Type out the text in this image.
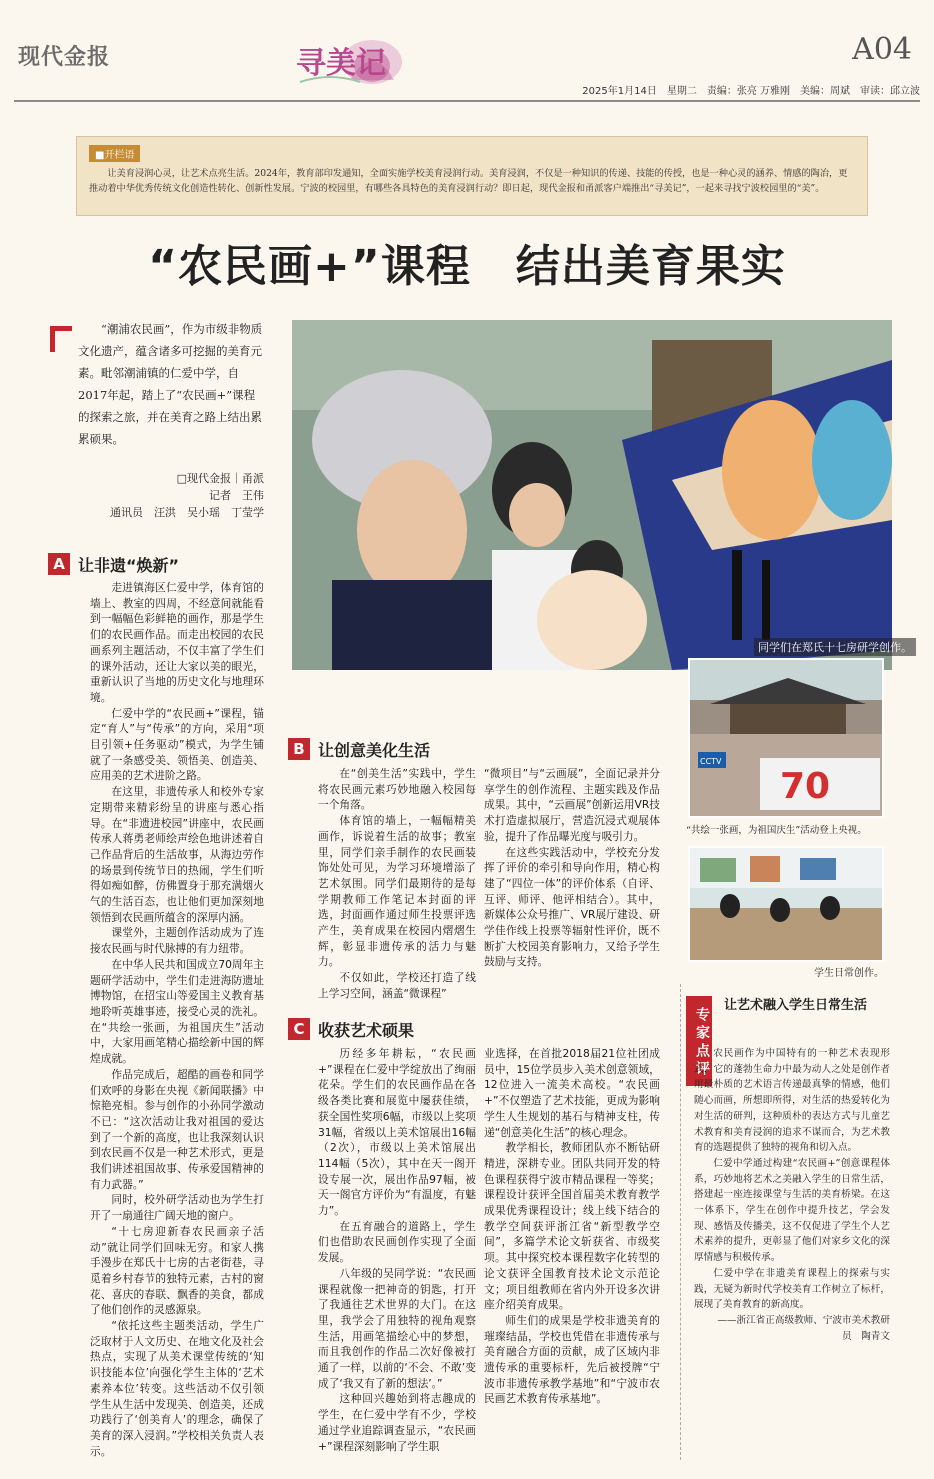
现代金报	寻美记	A04
2025年1月14日　星期二　责编：张亮 万雅刚　美编：周斌　审读：邱立波
■开栏语
让美育浸润心灵，让艺术点亮生活。2024年，教育部印发通知，全面实施学校美育浸润行动。美育浸润，不仅是一种知识的传递、技能的传授，也是一种心灵的涵养、情感的陶冶，更推动着中华优秀传统文化创造性转化、创新性发展。宁波的校园里，有哪些各具特色的美育浸润行动？即日起，现代金报和甬派客户端推出“寻美记”，一起来寻找宁波校园里的“美”。
“农民画+”课程　结出美育果实
“潮浦农民画”，作为市级非物质文化遗产，蕴含诸多可挖掘的美育元素。毗邻潮浦镇的仁爱中学，自2017年起，踏上了“农民画+”课程的探索之旅，并在美育之路上结出累累硕果。
□现代金报｜甬派
记者　王伟
通讯员　汪洪　吴小瑶　丁莹学
同学们在郑氏十七房研学创作。
70
CCTV
“共绘一张画，为祖国庆生”活动登上央视。
学生日常创作。
A 让非遗“焕新”

走进镇海区仁爱中学，体育馆的墙上、教室的四周，不经意间就能看到一幅幅色彩鲜艳的画作，那是学生们的农民画作品。而走出校园的农民画系列主题活动，不仅丰富了学生们的课外活动，还让大家以美的眼光，重新认识了当地的历史文化与地理环境。

仁爱中学的“农民画+”课程，锚定“育人”与“传承”的方向，采用“项目引领+任务驱动”模式，为学生铺就了一条感受美、领悟美、创造美、应用美的艺术进阶之路。

在这里，非遗传承人和校外专家定期带来精彩纷呈的讲座与悉心指导。在“非遗进校园”讲座中，农民画传承人蒋勇老师绘声绘色地讲述着自己作品背后的生活故事，从海边劳作的场景到传统节日的热闹，学生们听得如痴如醉，仿佛置身于那充满烟火气的生活百态，也让他们更加深刻地领悟到农民画所蕴含的深厚内涵。

课堂外，主题创作活动成为了连接农民画与时代脉搏的有力纽带。

在中华人民共和国成立70周年主题研学活动中，学生们走进海防遗址博物馆，在招宝山等爱国主义教育基地聆听英雄事迹，接受心灵的洗礼。在“共绘一张画，为祖国庆生”活动中，大家用画笔精心描绘新中国的辉煌成就。

作品完成后，超酷的画卷和同学们欢呼的身影在央视《新闻联播》中惊艳亮相。参与创作的小孙同学激动不已：“这次活动让我对祖国的爱达到了一个新的高度，也让我深刻认识到农民画不仅是一种艺术形式，更是我们讲述祖国故事、传承爱国精神的有力武器。”

同时，校外研学活动也为学生打开了一扇通往广阔天地的窗户。

“十七房迎新春农民画亲子活动”就让同学们回味无穷。和家人携手漫步在郑氏十七房的古老街巷，寻觅着乡村春节的独特元素，古村的窗花、喜庆的春联、飘香的美食，都成了他们创作的灵感源泉。

“依托这些主题类活动，学生广泛取材于人文历史、在地文化及社会热点，实现了从美术课堂传统的‘知识技能本位’向强化学生主体的‘艺术素养本位’转变。这些活动不仅引领学生从生活中发现美、创造美，还成功践行了‘创美育人’的理念，确保了美育的深入浸润。”学校相关负责人表示。

B 让创意美化生活

在“创美生活”实践中，学生将农民画元素巧妙地融入校园每一个角落。

体育馆的墙上，一幅幅精美画作，诉说着生活的故事；教室里，同学们亲手制作的农民画装饰处处可见，为学习环境增添了艺术氛围。同学们最期待的是每学期教师工作笔记本封面的评选，封面画作通过师生投票评选产生，美育成果在校园内熠熠生辉，彰显非遗传承的活力与魅力。

不仅如此，学校还打造了线上学习空间，涵盖“微课程”

“微项目”与“云画展”，全面记录并分享学生的创作流程、主题实践及作品成果。其中，“云画展”创新运用VR技术打造虚拟展厅，营造沉浸式观展体验，提升了作品曝光度与吸引力。

在这些实践活动中，学校充分发挥了评价的牵引和导向作用，精心构建了“四位一体”的评价体系（自评、互评、师评、他评相结合）。其中，新媒体公众号推广、VR展厅建设、研学佳作线上投票等辐射性评价，既不断扩大校园美育影响力，又给予学生鼓励与支持。

C 收获艺术硕果

历经多年耕耘，“农民画+”课程在仁爱中学绽放出了绚丽花朵。学生们的农民画作品在各级各类比赛和展览中屡获佳绩，获全国性奖项6幅，市级以上奖项31幅，省级以上美术馆展出16幅（2次），市级以上美术馆展出114幅（5次），其中在天一阁开设专展一次，展出作品97幅，被天一阁官方评价为“有温度，有魅力”。

在五育融合的道路上，学生们也借助农民画创作实现了全面发展。

八年级的吴同学说：“农民画课程就像一把神奇的钥匙，打开了我通往艺术世界的大门。在这里，我学会了用独特的视角观察生活，用画笔描绘心中的梦想，而且我创作的作品二次好像被打通了一样，以前的‘不会、不敢’变成了‘我又有了新的想法’。”

这种回兴趣始到将志趣成的学生，在仁爱中学有不少，学校通过学业追踪调查显示，“农民画+”课程深刻影响了学生职

业选择，在首批2018届21位社团成员中，15位学员步入美术创意领域，12位进入一流美术高校。“农民画+”不仅塑造了艺术技能，更成为影响学生人生规划的基石与精神支柱，传递“创意美化生活”的核心理念。

教学相长，教师团队亦不断钻研精进，深耕专业。团队共同开发的特色课程获得宁波市精品课程一等奖；课程设计获评全国首届美术教育教学成果优秀课程设计；线上线下结合的教学空间获评浙江省“新型教学空间”，多篇学术论文斩获省、市级奖项。其中探究校本课程数字化转型的论文获评全国教育技术论文示范论文；项目组教师在省内外开设多次讲座介绍美育成果。

师生们的成果是学校非遗美育的璀璨结晶，学校也凭借在非遗传承与美育融合方面的贡献，成了区域内非遗传承的重要标杆，先后被授牌“宁波市非遗传承教学基地”和“宁波市农民画艺术教育传承基地”。

专家点评
让艺术融入学生日常生活

农民画作为中国特有的一种艺术表现形式，它的蓬勃生命力中最为动人之处是创作者用最朴质的艺术语言传递最真挚的情感，他们随心而画，所想即所得，对生活的热爱转化为对生活的研判，这种质朴的表达方式与儿童艺术教育和美育浸润的追求不谋而合，为艺术教育的选题提供了独特的视角和切入点。

仁爱中学通过构建“农民画+”创意课程体系，巧妙地将艺术之美融入学生的日常生活，搭建起一座连接课堂与生活的美育桥梁。在这一体系下，学生在创作中提升技艺，学会发现、感悟及传播美，这不仅促进了学生个人艺术素养的提升，更彰显了他们对家乡文化的深厚情感与积极传承。

仁爱中学在非遗美育课程上的探索与实践，无疑为新时代学校美育工作树立了标杆，展现了美育教育的新高度。

——浙江省正高级教师、宁波市美术教研员　陶青文
